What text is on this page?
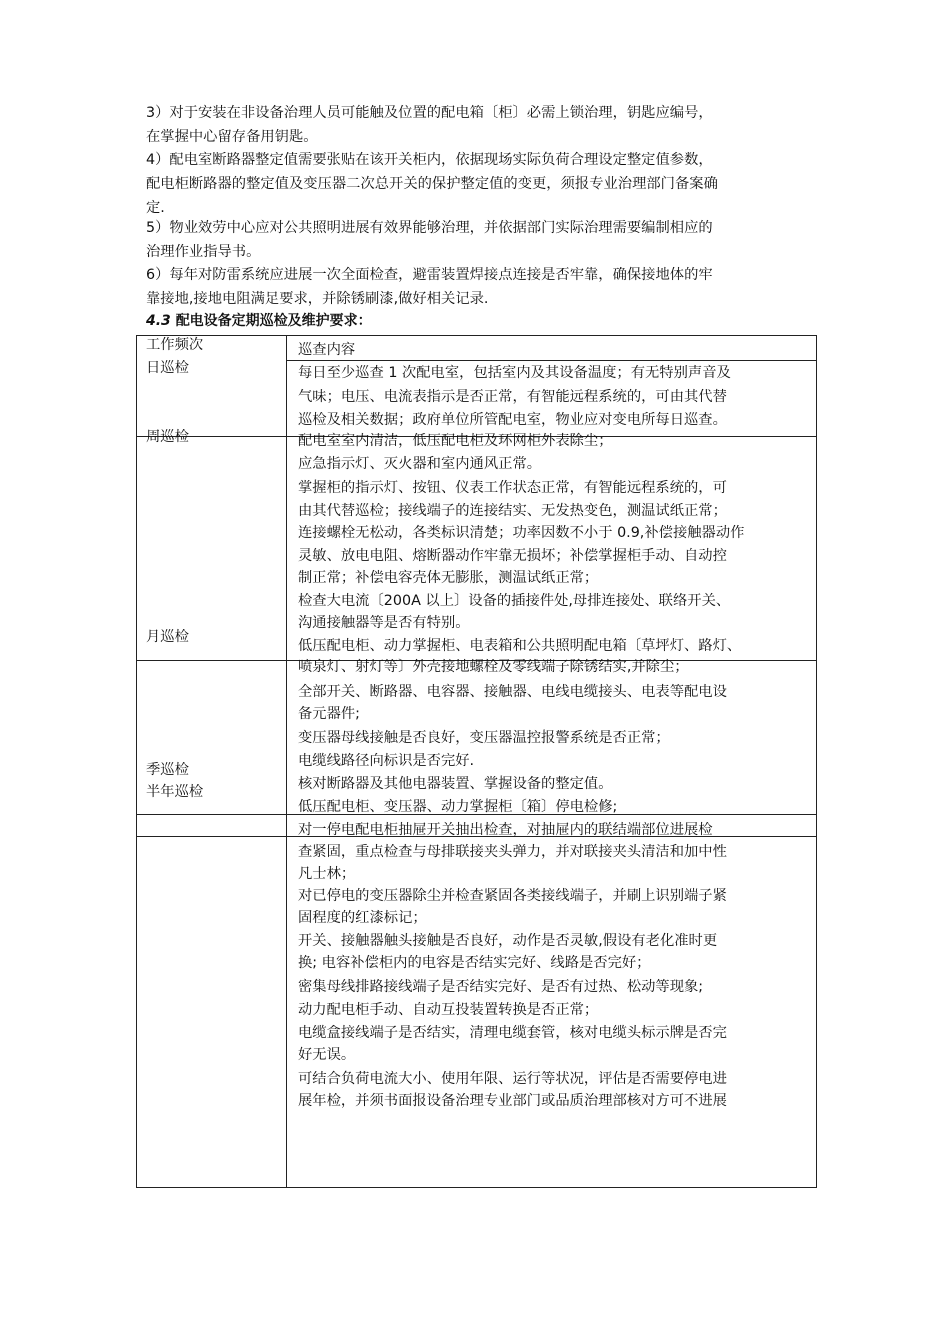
3）对于安装在非设备治理人员可能触及位置的配电箱〔柜〕必需上锁治理，钥匙应编号，
在掌握中心留存备用钥匙。
4）配电室断路器整定值需要张贴在该开关柜内，依据现场实际负荷合理设定整定值参数，
配电柜断路器的整定值及变压器二次总开关的保护整定值的变更，须报专业治理部门备案确
定.
5）物业效劳中心应对公共照明进展有效界能够治理，并依据部门实际治理需要编制相应的
治理作业指导书。
6）每年对防雷系统应进展一次全面检查，避雷装置焊接点连接是否牢靠，确保接地体的牢
靠接地,接地电阻满足要求，并除锈刷漆,做好相关记录.
4.3 配电设备定期巡检及维护要求：
工作频次	巡查内容
日巡检
周巡检
月巡检
季巡检
半年巡检
每日至少巡查 1 次配电室，包括室内及其设备温度；有无特别声音及
气味；电压、电流表指示是否正常，有智能远程系统的，可由其代替
巡检及相关数据；政府单位所管配电室，物业应对变电所每日巡查。
配电室室内清洁，低压配电柜及环网柜外表除尘；
应急指示灯、灭火器和室内通风正常。
掌握柜的指示灯、按钮、仪表工作状态正常，有智能远程系统的，可
由其代替巡检；接线端子的连接结实、无发热变色，测温试纸正常；
连接螺栓无松动，各类标识清楚；功率因数不小于 0.9,补偿接触器动作
灵敏、放电电阻、熔断器动作牢靠无损坏；补偿掌握柜手动、自动控
制正常；补偿电容壳体无膨胀，测温试纸正常；
检查大电流〔200A 以上〕设备的插接件处,母排连接处、联络开关、
沟通接触器等是否有特别。
低压配电柜、动力掌握柜、电表箱和公共照明配电箱〔草坪灯、路灯、
喷泉灯、射灯等〕外壳接地螺栓及零线端子除锈结实,并除尘；
全部开关、断路器、电容器、接触器、电线电缆接头、电表等配电设
备元器件;
变压器母线接触是否良好，变压器温控报警系统是否正常；
电缆线路径向标识是否完好.
核对断路器及其他电器装置、掌握设备的整定值。
低压配电柜、变压器、动力掌握柜〔箱〕停电检修;
对一停电配电柜抽屉开关抽出检查，对抽屉内的联结端部位进展检
查紧固，重点检查与母排联接夹头弹力，并对联接夹头清洁和加中性
凡士林；
对已停电的变压器除尘并检查紧固各类接线端子，并刷上识别端子紧
固程度的红漆标记；
开关、接触器触头接触是否良好，动作是否灵敏,假设有老化准时更
换; 电容补偿柜内的电容是否结实完好、线路是否完好；
密集母线排路接线端子是否结实完好、是否有过热、松动等现象;
动力配电柜手动、自动互投装置转换是否正常；
电缆盒接线端子是否结实，清理电缆套管，核对电缆头标示牌是否完
好无误。
可结合负荷电流大小、使用年限、运行等状况，评估是否需要停电进
展年检，并须书面报设备治理专业部门或品质治理部核对方可不进展
